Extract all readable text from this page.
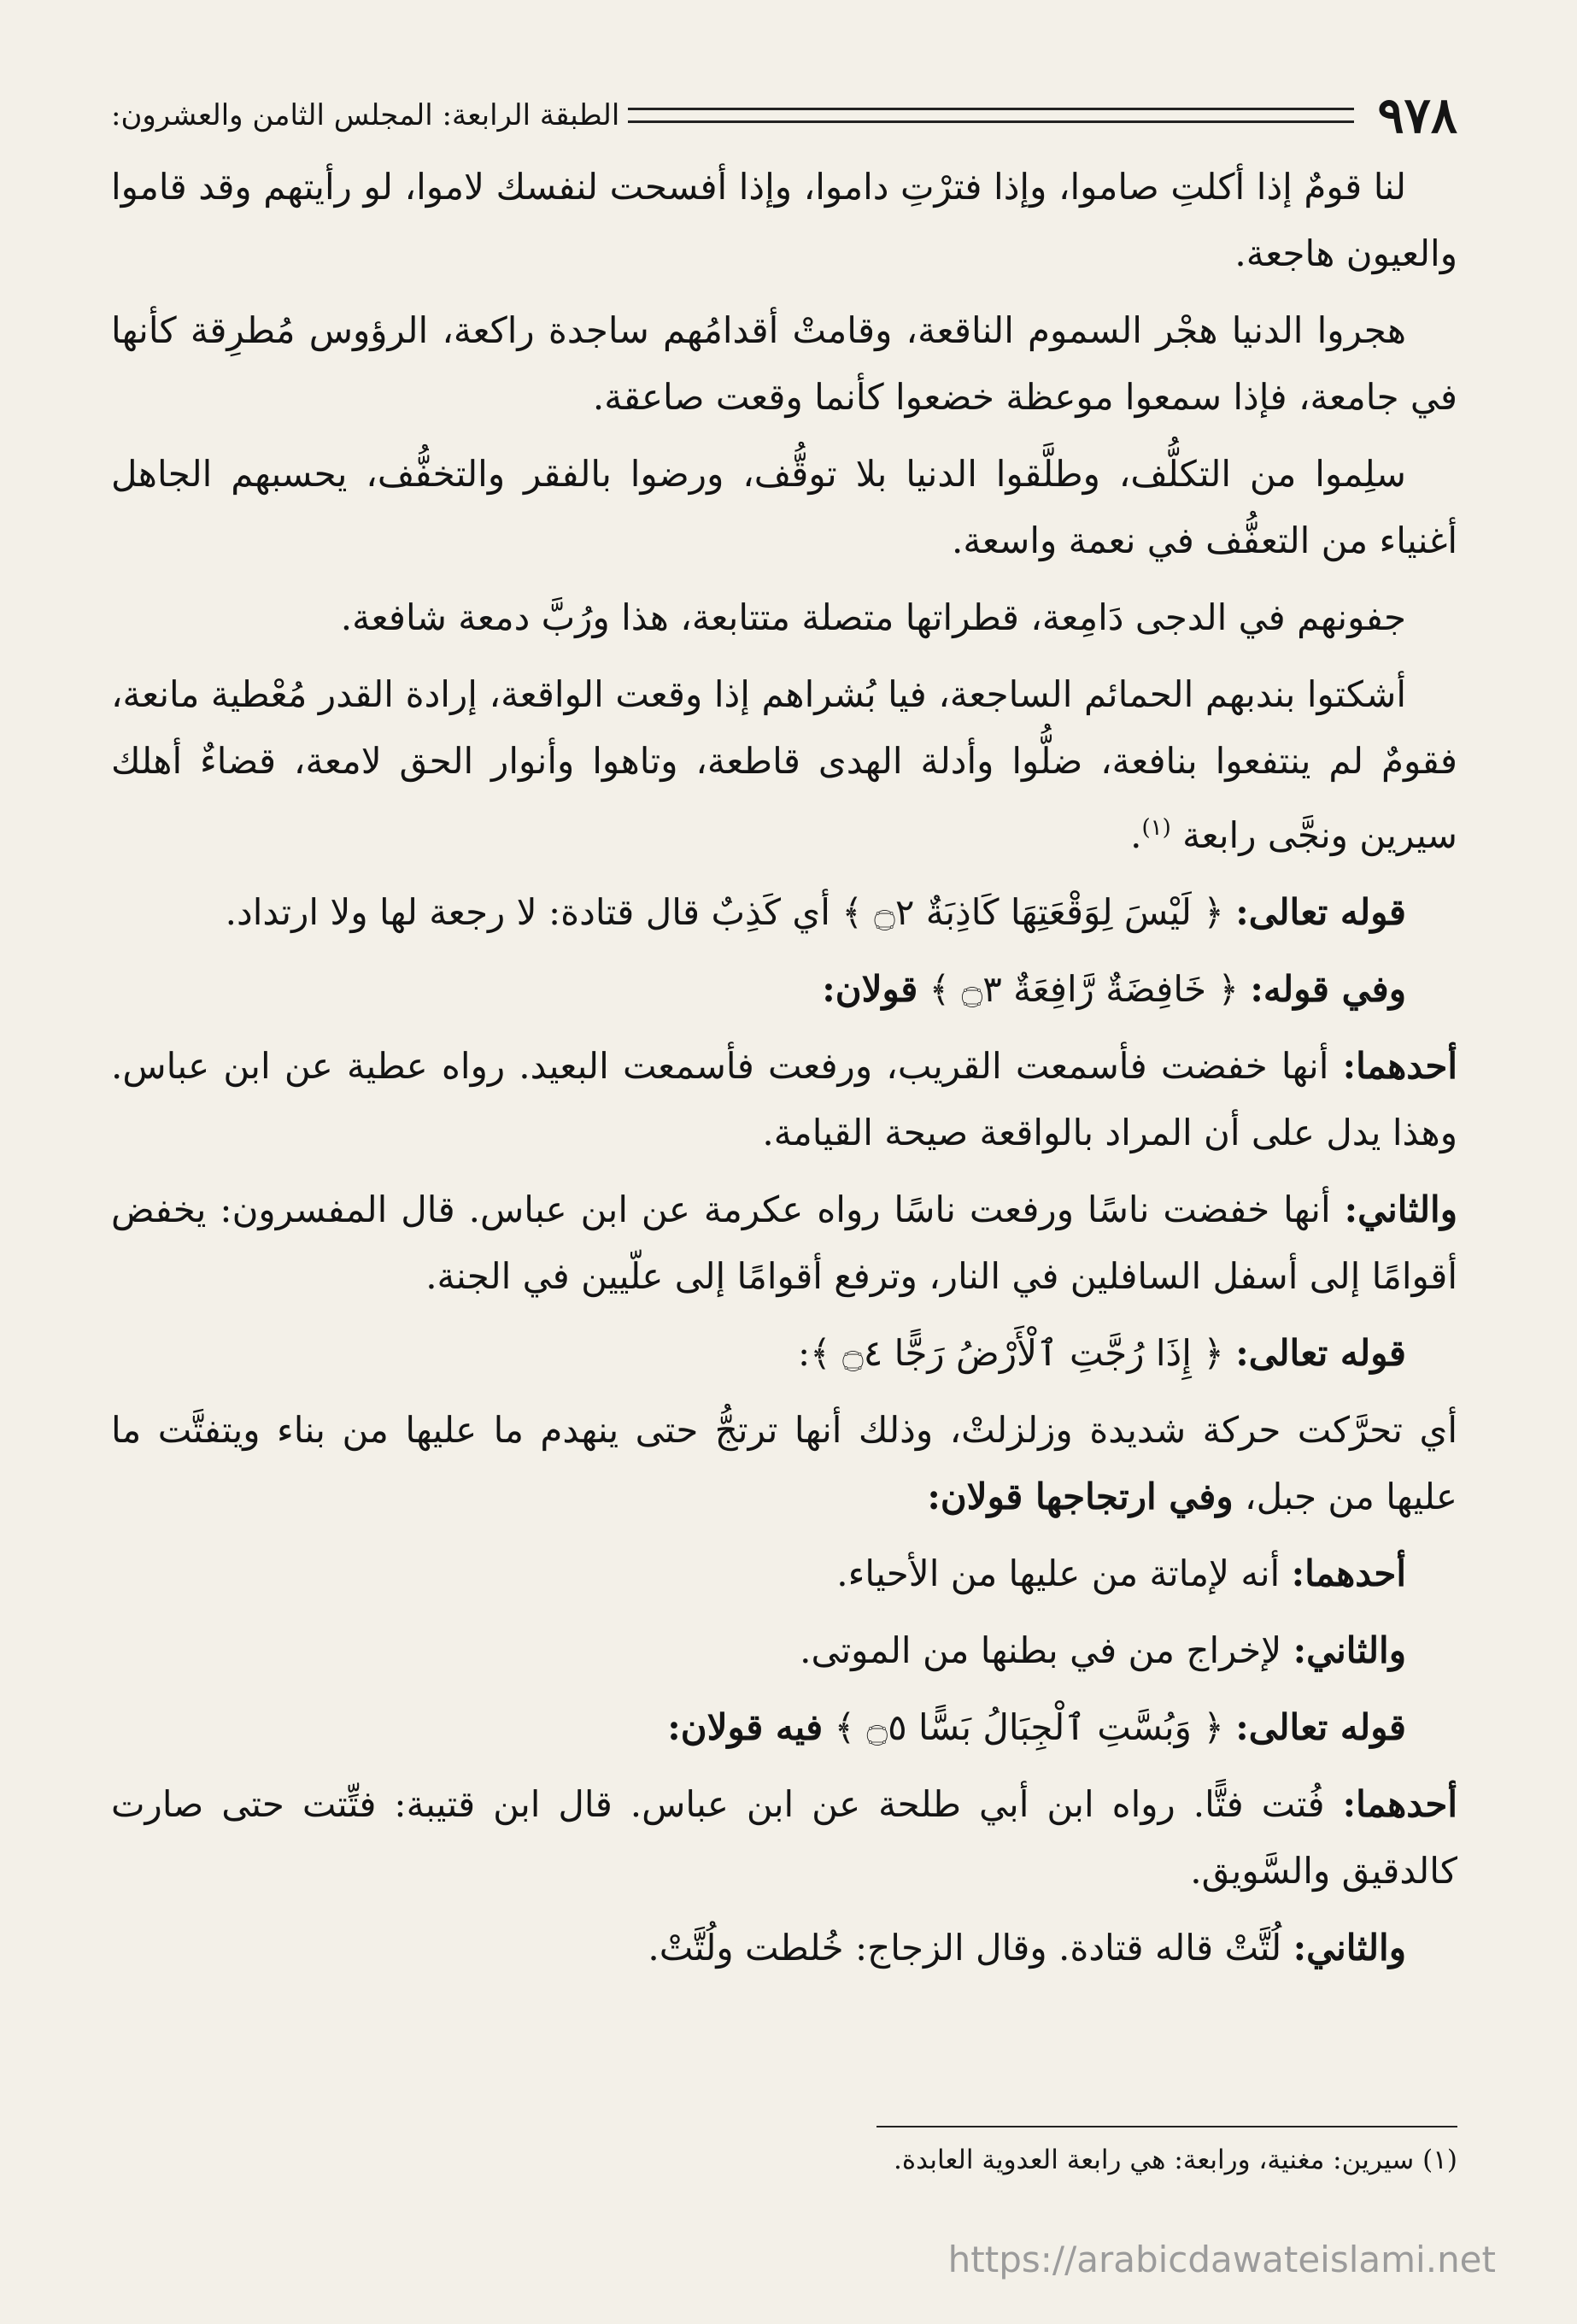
٩٧٨
الطبقة الرابعة: المجلس الثامن والعشرون:

لنا قومٌ إذا أكلتِ صاموا، وإذا فترْتِ داموا، وإذا أفسحت لنفسك لاموا، لو رأيتهم وقد قاموا والعيون هاجعة.

هجروا الدنيا هجْر السموم الناقعة، وقامتْ أقدامُهم ساجدة راكعة، الرؤوس مُطرِقة كأنها في جامعة، فإذا سمعوا موعظة خضعوا كأنما وقعت صاعقة.

سلِموا من التكلُّف، وطلَّقوا الدنيا بلا توقُّف، ورضوا بالفقر والتخفُّف، يحسبهم الجاهل أغنياء من التعفُّف في نعمة واسعة.

جفونهم في الدجى دَامِعة، قطراتها متصلة متتابعة، هذا ورُبَّ دمعة شافعة.

أشكتوا بندبهم الحمائم الساجعة، فيا بُشراهم إذا وقعت الواقعة، إرادة القدر مُعْطية مانعة، فقومٌ لم ينتفعوا بنافعة، ضلُّوا وأدلة الهدى قاطعة، وتاهوا وأنوار الحق لامعة، قضاءٌ أهلك سيرين ونجَّى رابعة $^{(١)}$.

قوله تعالى: ﴿ لَيْسَ لِوَقْعَتِهَا كَاذِبَةٌ ۝٢ ﴾ أي كَذِبٌ قال قتادة: لا رجعة لها ولا ارتداد.

وفي قوله: ﴿ خَافِضَةٌ رَّافِعَةٌ ۝٣ ﴾ قولان:

أحدهما: أنها خفضت فأسمعت القريب، ورفعت فأسمعت البعيد. رواه عطية عن ابن عباس. وهذا يدل على أن المراد بالواقعة صيحة القيامة.

والثاني: أنها خفضت ناسًا ورفعت ناسًا رواه عكرمة عن ابن عباس. قال المفسرون: يخفض أقوامًا إلى أسفل السافلين في النار، وترفع أقوامًا إلى علّيين في الجنة.

قوله تعالى: ﴿ إِذَا رُجَّتِ ٱلْأَرْضُ رَجًّا ۝٤ ﴾:

أي تحرَّكت حركة شديدة وزلزلتْ، وذلك أنها ترتجُّ حتى ينهدم ما عليها من بناء ويتفتَّت ما عليها من جبل، وفي ارتجاجها قولان:

أحدهما: أنه لإماتة من عليها من الأحياء.

والثاني: لإخراج من في بطنها من الموتى.

قوله تعالى: ﴿ وَبُسَّتِ ٱلْجِبَالُ بَسًّا ۝٥ ﴾ فيه قولان:

أحدهما: فُتت فتًّا. رواه ابن أبي طلحة عن ابن عباس. قال ابن قتيبة: فتِّتت حتى صارت كالدقيق والسَّويق.

والثاني: لُتَّتْ قاله قتادة. وقال الزجاج: خُلطت ولُتَّتْ.

(١) سيرين: مغنية، ورابعة: هي رابعة العدوية العابدة.
https://arabicdawateislami.net
